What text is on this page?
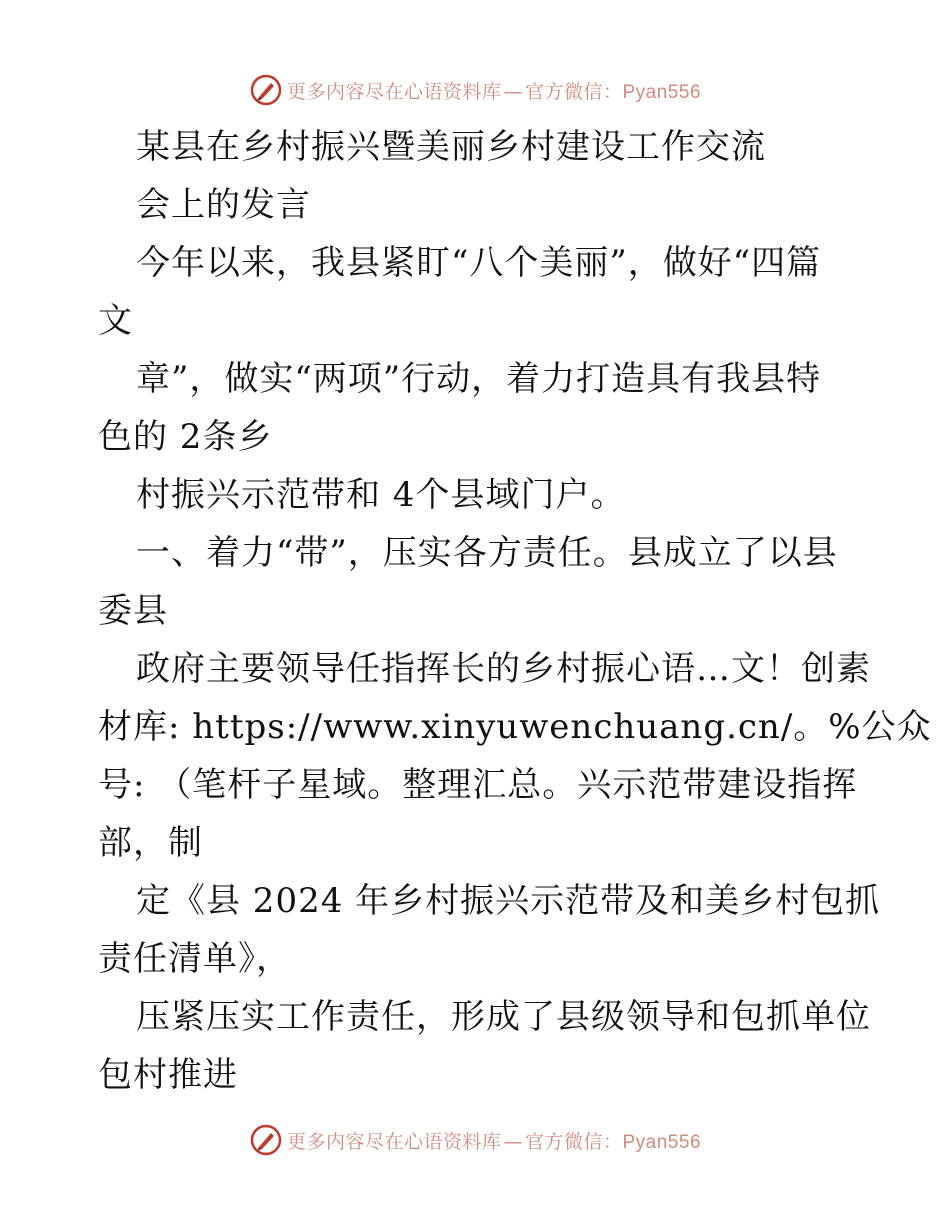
更多内容尽在心语资料库 — 官方微信：Pyan556
某县在乡村振兴暨美丽乡村建设工作交流
会上的发言
今年以来，我县紧盯“八个美丽”，做好“四篇
文
章”，做实“两项”行动，着力打造具有我县特
色的 2条乡
村振兴示范带和 4个县域门户。
一、着力“带”，压实各方责任。县成立了以县
委县
政府主要领导任指挥长的乡村振心语…文！创素
材库: https://www.xinyuwenchuang.cn/。%公众
号: （笔杆子星域。整理汇总。兴示范带建设指挥
部，制
定《县 2024 年乡村振兴示范带及和美乡村包抓
责任清单》，
压紧压实工作责任，形成了县级领导和包抓单位
包村推进
更多内容尽在心语资料库 — 官方微信：Pyan556
